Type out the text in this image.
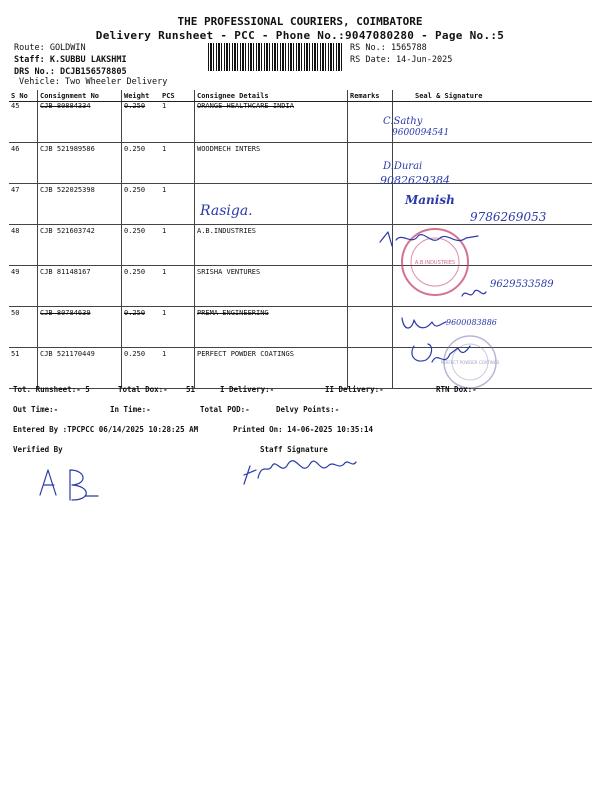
THE PROFESSIONAL COURIERS, COIMBATORE
Delivery Runsheet - PCC - Phone No.:9047080280 - Page No.:5
Route: GOLDWIN
Staff: K.SUBBU LAKSHMI
DRS No.: DCJB156578805
Vehicle: Two Wheeler Delivery
RS No.: 1565788
RS Date: 14-Jun-2025
S No	Consignment No	Weight	PCS	Consignee Details	Remarks	Seal & Signature
45	CJB 80884334	0.250	1	ORANGE HEALTHCARE INDIA		
46	CJB 521989586	0.250	1	WOODMECH INTERS		
47	CJB 522025398	0.250	1			
48	CJB 521603742	0.250	1	A.B.INDUSTRIES		
49	CJB 81148167	0.250	1	SRISHA VENTURES		
50	CJB 80784639	0.250	1	PREMA ENGINEERING		
51	CJB 521170449	0.250	1	PERFECT POWDER COATINGS		
A.B.INDUSTRIES
PERFECT POWDER COATINGS
C.Sathy
9600094541
D.Durai
9082629384
Rasiga.
Manish
9786269053
9629533589
9600083886
Tot. Runsheet:- 5	Total Dox:- 51	I Delivery:-	II Delivery:-	RTN Dox:-
Out Time:-	In Time:-	Total POD:-	Delvy Points:-
Entered By :TPCPCC 06/14/2025 10:28:25 AM	Printed On: 14-06-2025 10:35:14
Verified By	Staff Signature
